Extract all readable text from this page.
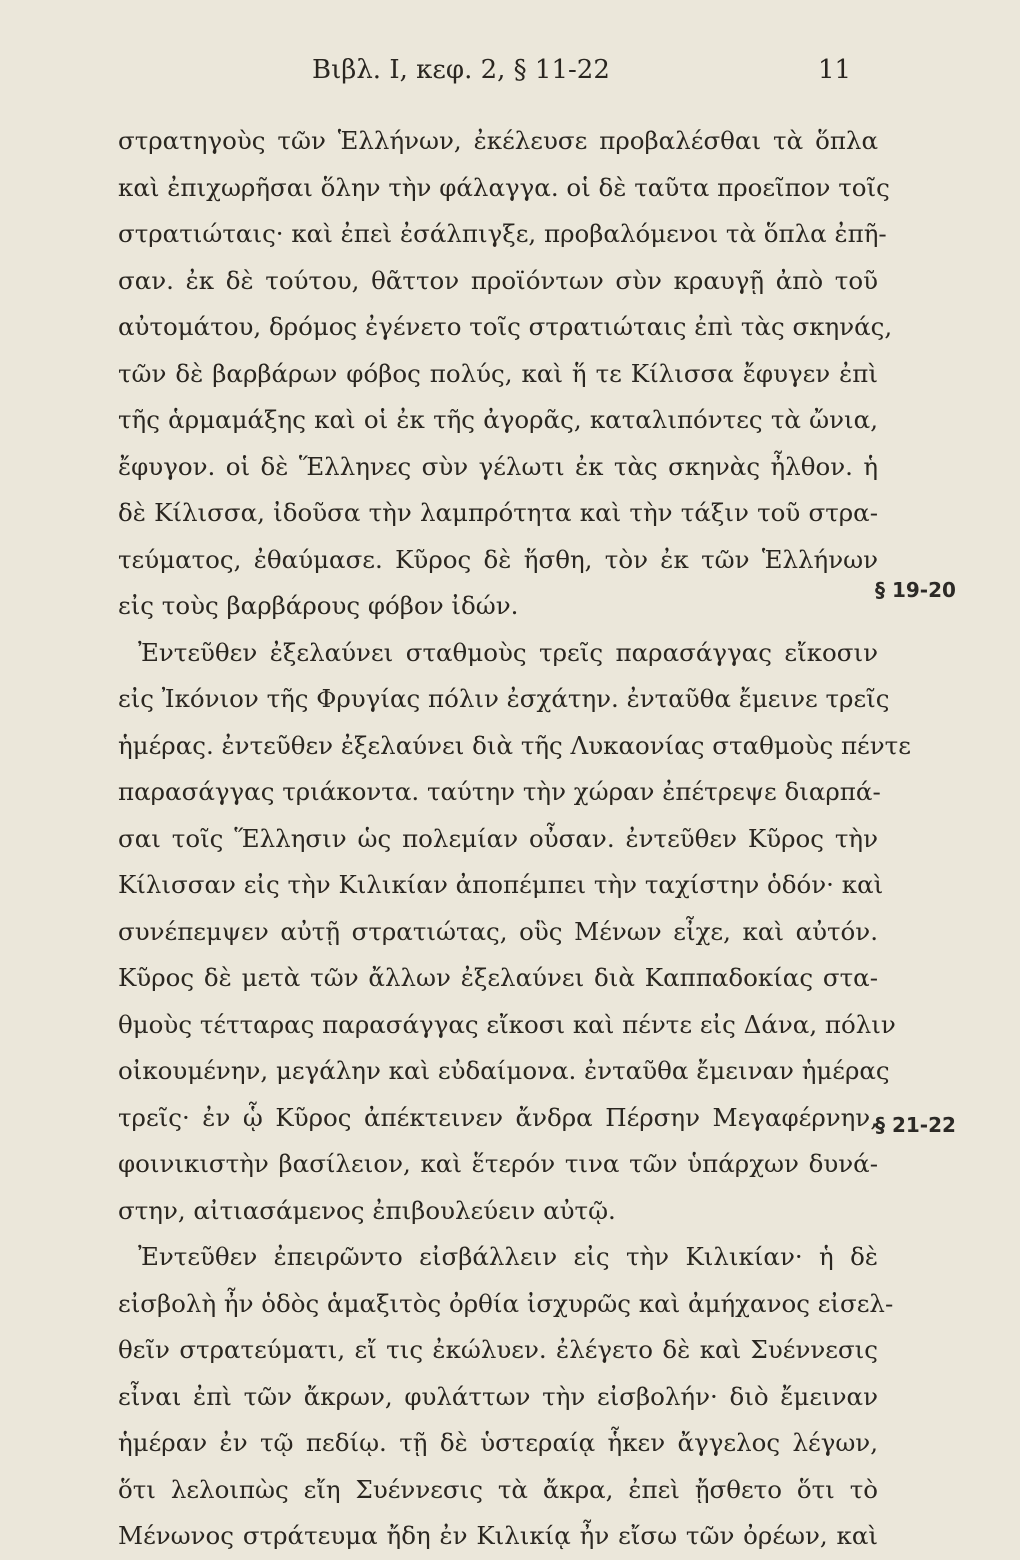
Βιβλ. Ι, κεφ. 2, § 11-22	11
στρατηγοὺς τῶν Ἑλλήνων, ἐκέλευσε προβαλέσθαι τὰ ὅπλα
καὶ ἐπιχωρῆσαι ὅλην τὴν φάλαγγα. οἱ δὲ ταῦτα προεῖπον τοῖς
στρατιώταις· καὶ ἐπεὶ ἐσάλπιγξε, προβαλόμενοι τὰ ὅπλα ἐπῆ-
σαν. ἐκ δὲ τούτου, θᾶττον προϊόντων σὺν κραυγῇ ἀπὸ τοῦ
αὐτομάτου, δρόμος ἐγένετο τοῖς στρατιώταις ἐπὶ τὰς σκηνάς,
τῶν δὲ βαρβάρων φόβος πολύς, καὶ ἥ τε Κίλισσα ἔφυγεν ἐπὶ
τῆς ἁρμαμάξης καὶ οἱ ἐκ τῆς ἀγορᾶς, καταλιπόντες τὰ ὤνια,
ἔφυγον. οἱ δὲ Ἕλληνες σὺν γέλωτι ἐκ τὰς σκηνὰς ἦλθον. ἡ
δὲ Κίλισσα, ἰδοῦσα τὴν λαμπρότητα καὶ τὴν τάξιν τοῦ στρα-
τεύματος, ἐθαύμασε. Κῦρος δὲ ἥσθη, τὸν ἐκ τῶν Ἑλλήνων
εἰς τοὺς βαρβάρους φόβον ἰδών.
Ἐντεῦθεν ἐξελαύνει σταθμοὺς τρεῖς παρασάγγας εἴκοσιν
εἰς Ἰκόνιον τῆς Φρυγίας πόλιν ἐσχάτην. ἐνταῦθα ἔμεινε τρεῖς
ἡμέρας. ἐντεῦθεν ἐξελαύνει διὰ τῆς Λυκαονίας σταθμοὺς πέντε
παρασάγγας τριάκοντα. ταύτην τὴν χώραν ἐπέτρεψε διαρπά-
σαι τοῖς Ἕλλησιν ὡς πολεμίαν οὖσαν. ἐντεῦθεν Κῦρος τὴν
Κίλισσαν εἰς τὴν Κιλικίαν ἀποπέμπει τὴν ταχίστην ὁδόν· καὶ
συνέπεμψεν αὐτῇ στρατιώτας, οὓς Μένων εἶχε, καὶ αὐτόν.
Κῦρος δὲ μετὰ τῶν ἄλλων ἐξελαύνει διὰ Καππαδοκίας στα-
θμοὺς τέτταρας παρασάγγας εἴκοσι καὶ πέντε εἰς Δάνα, πόλιν
οἰκουμένην, μεγάλην καὶ εὐδαίμονα. ἐνταῦθα ἔμειναν ἡμέρας
τρεῖς· ἐν ᾧ Κῦρος ἀπέκτεινεν ἄνδρα Πέρσην Μεγαφέρνην,
φοινικιστὴν βασίλειον, καὶ ἕτερόν τινα τῶν ὑπάρχων δυνά-
στην, αἰτιασάμενος ἐπιβουλεύειν αὐτῷ.
Ἐντεῦθεν ἐπειρῶντο εἰσβάλλειν εἰς τὴν Κιλικίαν· ἡ δὲ
εἰσβολὴ ἦν ὁδὸς ἁμαξιτὸς ὀρθία ἰσχυρῶς καὶ ἀμήχανος εἰσελ-
θεῖν στρατεύματι, εἴ τις ἐκώλυεν. ἐλέγετο δὲ καὶ Συέννεσις
εἶναι ἐπὶ τῶν ἄκρων, φυλάττων τὴν εἰσβολήν· διὸ ἔμειναν
ἡμέραν ἐν τῷ πεδίῳ. τῇ δὲ ὑστεραίᾳ ἧκεν ἄγγελος λέγων,
ὅτι λελοιπὼς εἴη Συέννεσις τὰ ἄκρα, ἐπεὶ ᾔσθετο ὅτι τὸ
Μένωνος στράτευμα ἤδη ἐν Κιλικίᾳ ἦν εἴσω τῶν ὀρέων, καὶ
§ 19-20
§ 21-22
